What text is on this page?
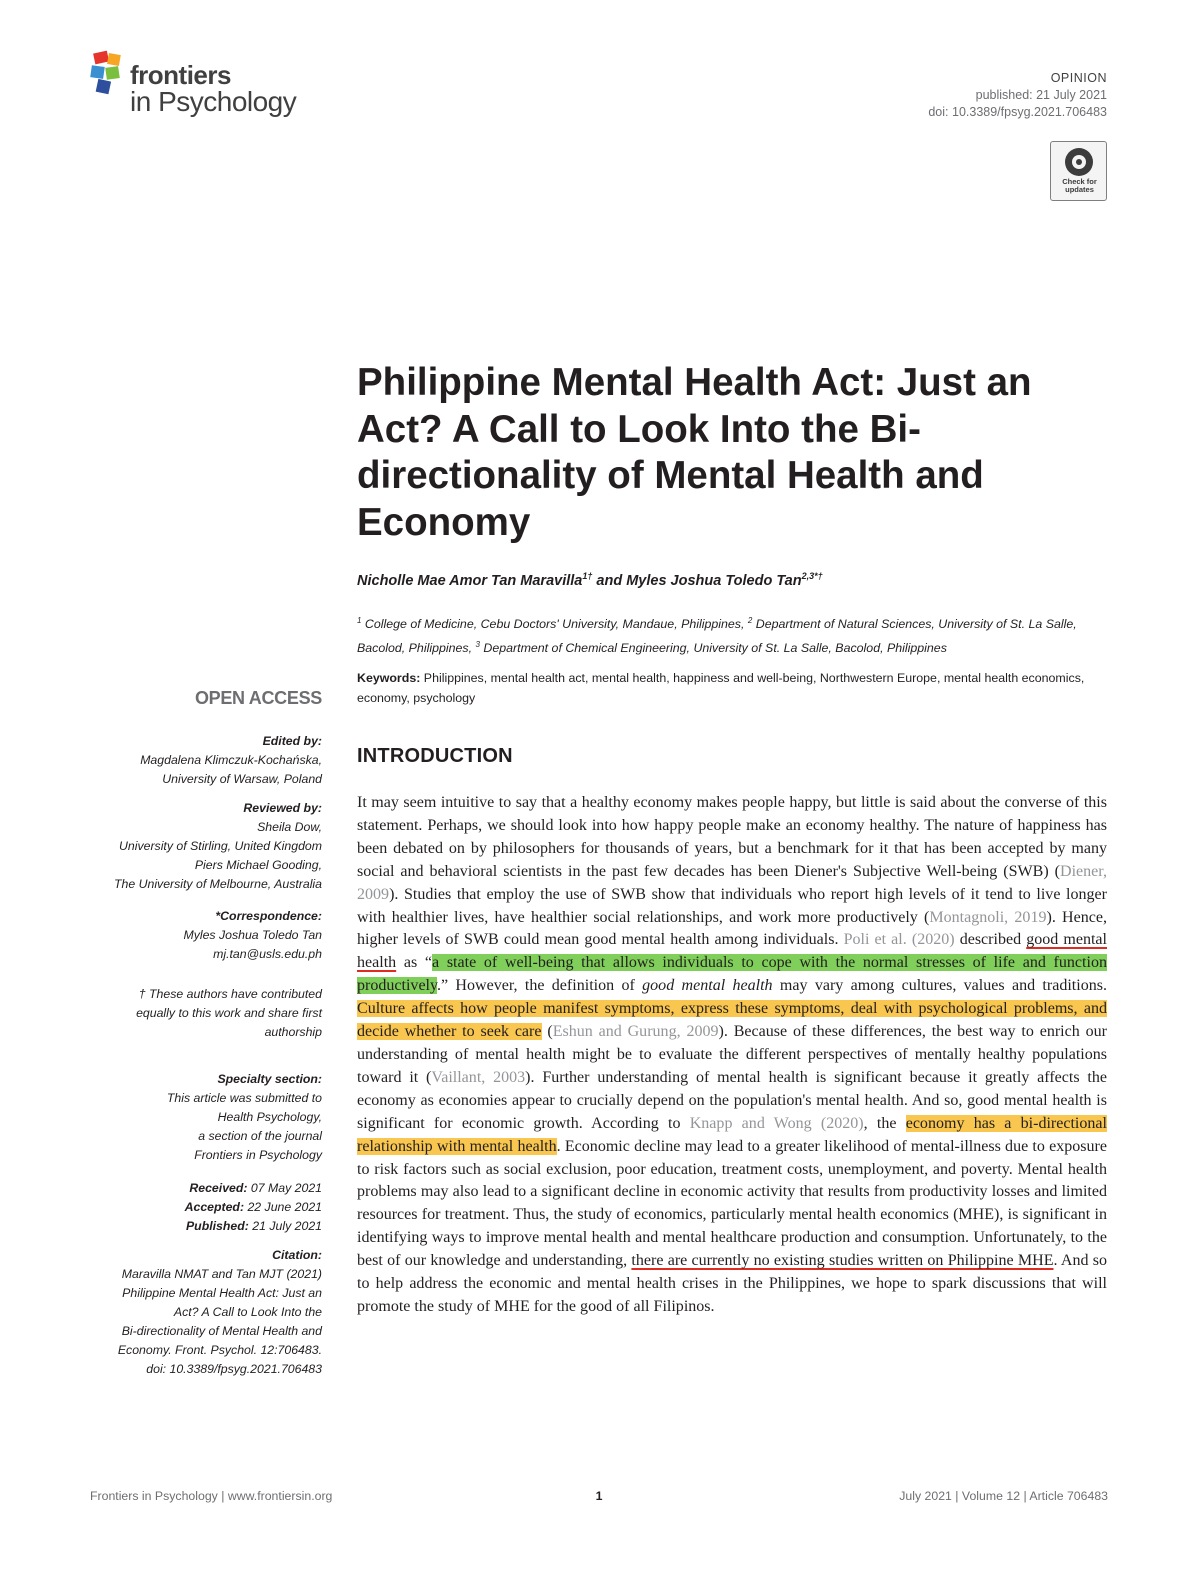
frontiers
in Psychology
OPINION
published: 21 July 2021
doi: 10.3389/fpsyg.2021.706483
Check for
updates
Philippine Mental Health Act: Just an Act? A Call to Look Into the Bi-directionality of Mental Health and Economy
Nicholle Mae Amor Tan Maravilla$^{1\dagger}$ and Myles Joshua Toledo Tan$^{2,3*\dagger}$
$^1$ College of Medicine, Cebu Doctors' University, Mandaue, Philippines, $^2$ Department of Natural Sciences, University of St. La Salle, Bacolod, Philippines, $^3$ Department of Chemical Engineering, University of St. La Salle, Bacolod, Philippines
Keywords: Philippines, mental health act, mental health, happiness and well-being, Northwestern Europe, mental health economics, economy, psychology
OPEN ACCESS

Edited by:

Magdalena Klimczuk-Kochańska,

University of Warsaw, Poland

Reviewed by:

Sheila Dow,

University of Stirling, United Kingdom

Piers Michael Gooding,

The University of Melbourne, Australia

*Correspondence:

Myles Joshua Toledo Tan

mj.tan@usls.edu.ph

† These authors have contributed

equally to this work and share first

authorship

Specialty section:

This article was submitted to

Health Psychology,

a section of the journal

Frontiers in Psychology

Received: 07 May 2021

Accepted: 22 June 2021

Published: 21 July 2021

Citation:

Maravilla NMAT and Tan MJT (2021)

Philippine Mental Health Act: Just an

Act? A Call to Look Into the

Bi-directionality of Mental Health and

Economy. Front. Psychol. 12:706483.

doi: 10.3389/fpsyg.2021.706483

INTRODUCTION

It may seem intuitive to say that a healthy economy makes people happy, but little is said about the converse of this statement. Perhaps, we should look into how happy people make an economy healthy. The nature of happiness has been debated on by philosophers for thousands of years, but a benchmark for it that has been accepted by many social and behavioral scientists in the past few decades has been Diener's Subjective Well-being (SWB) (Diener, 2009). Studies that employ the use of SWB show that individuals who report high levels of it tend to live longer with healthier lives, have healthier social relationships, and work more productively (Montagnoli, 2019). Hence, higher levels of SWB could mean good mental health among individuals. Poli et al. (2020) described good mental health as “a state of well-being that allows individuals to cope with the normal stresses of life and function productively.” However, the definition of good mental health may vary among cultures, values and traditions. Culture affects how people manifest symptoms, express these symptoms, deal with psychological problems, and decide whether to seek care (Eshun and Gurung, 2009). Because of these differences, the best way to enrich our understanding of mental health might be to evaluate the different perspectives of mentally healthy populations toward it (Vaillant, 2003). Further understanding of mental health is significant because it greatly affects the economy as economies appear to crucially depend on the population's mental health. And so, good mental health is significant for economic growth. According to Knapp and Wong (2020), the economy has a bi-directional relationship with mental health. Economic decline may lead to a greater likelihood of mental-illness due to exposure to risk factors such as social exclusion, poor education, treatment costs, unemployment, and poverty. Mental health problems may also lead to a significant decline in economic activity that results from productivity losses and limited resources for treatment. Thus, the study of economics, particularly mental health economics (MHE), is significant in identifying ways to improve mental health and mental healthcare production and consumption. Unfortunately, to the best of our knowledge and understanding, there are currently no existing studies written on Philippine MHE. And so to help address the economic and mental health crises in the Philippines, we hope to spark discussions that will promote the study of MHE for the good of all Filipinos.

Frontiers in Psychology | www.frontiersin.org	1	July 2021 | Volume 12 | Article 706483
